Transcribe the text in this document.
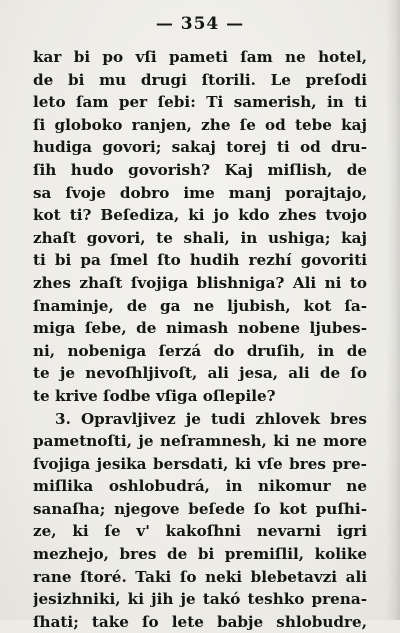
— 354 —
kar bi po vſi pameti ſam ne hotel,
de bi mu drugi ſtorili. Le preſodi
leto ſam per ſebi: Ti samerish, in ti
ſi globoko ranjen, zhe ſe od tebe kaj
hudiga govori; sakaj torej ti od dru-
ſih hudo govorish? Kaj miſlish, de
sa ſvoje dobro ime manj porajtajo,
kot ti? Beſediza, ki jo kdo zhes tvojo
zhaſt govori, te shali, in ushiga; kaj
ti bi pa ſmel ſto hudih rezhí govoriti
zhes zhaſt ſvojiga blishniga? Ali ni to
ſnaminje, de ga ne ljubish, kot ſa-
miga ſebe, de nimash nobene ljubes-
ni, nobeniga ſerzá do druſih, in de
te je nevoſhljivoſt, ali jesa, ali de ſo
te krive ſodbe vſiga oſlepile?
3. Opravljivez je tudi zhlovek bres
pametnoſti, je neſramnesh, ki ne more
ſvojiga jesika bersdati, ki vſe bres pre-
miſlika oshlobudrá, in nikomur ne
sanaſha; njegove beſede ſo kot puſhi-
ze, ki ſe v' kakoſhni nevarni igri
mezhejo, bres de bi premiſlil, kolike
rane ſtoré. Taki ſo neki blebetavzi ali
jesizhniki, ki jih je takó teshko prena-
ſhati; take ſo lete babje shlobudre,
